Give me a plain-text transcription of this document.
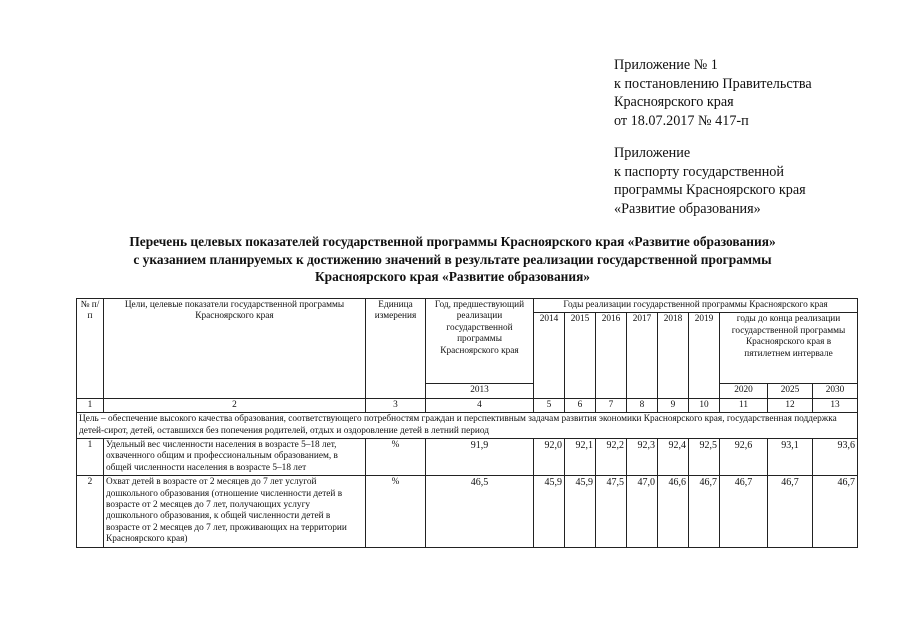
Приложение № 1
к постановлению Правительства
Красноярского края
от 18.07.2017 № 417-п
Приложение
к паспорту государственной
программы Красноярского края
«Развитие образования»
Перечень целевых показателей государственной программы Красноярского края «Развитие образования»
с указанием планируемых к достижению значений в результате реализации государственной программы
Красноярского края «Развитие образования»
№ п/п	Цели, целевые показатели государственной программы Красноярского края	Единица измерения	Год, предшествующий реализации государственной программы Красноярского края	Годы реализации государственной программы Красноярского края								
				2014	2015	2016	2017	2018	2019	годы до конца реализации государственной программы Красноярского края в пятилетнем интервале		
			2013							2020	2025	2030
1	2	3	4	5	6	7	8	9	10	11	12	13
Цель – обеспечение высокого качества образования, соответствующего потребностям граждан и перспективным задачам развития экономики Красноярского края, государственная поддержка детей-сирот, детей, оставшихся без попечения родителей, отдых и оздоровление детей в летний период												
1	Удельный вес численности населения в возрасте 5–18 лет, охваченного общим и профессиональным образованием, в общей численности населения в возрасте 5–18 лет	%	91,9	92,0	92,1	92,2	92,3	92,4	92,5	92,6	93,1	93,6
2	Охват детей в возрасте от 2 месяцев до 7 лет услугой дошкольного образования (отношение численности детей в возрасте от 2 месяцев до 7 лет, получающих услугу дошкольного образования, к общей численности детей в возрасте от 2 месяцев до 7 лет, проживающих на территории Красноярского края)	%	46,5	45,9	45,9	47,5	47,0	46,6	46,7	46,7	46,7	46,7
